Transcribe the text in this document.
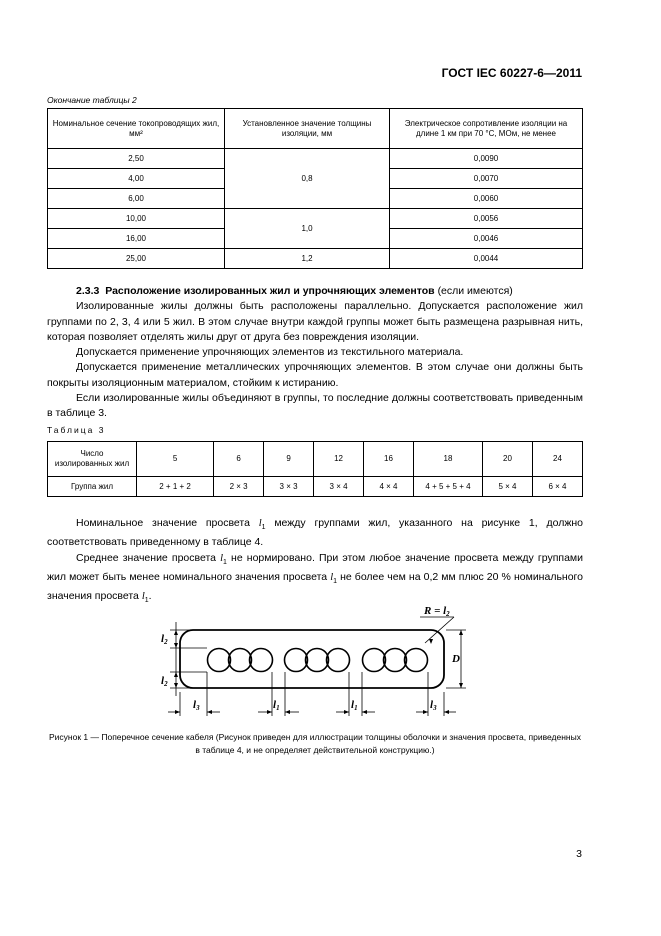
ГОСТ IEC 60227-6—2011
Окончание таблицы 2
Номинальное сечение токопроводящих жил, мм²	Установленное значение толщины изоляции, мм	Электрическое сопротивление изоляции на длине 1 км при 70 °С, МОм, не менее
2,50	0,8	0,0090
4,00		0,0070
6,00		0,0060
10,00	1,0	0,0056
16,00		0,0046
25,00	1,2	0,0044

2.3.3 Расположение изолированных жил и упрочняющих элементов (если имеются)

Изолированные жилы должны быть расположены параллельно. Допускается расположение жил группами по 2, 3, 4 или 5 жил. В этом случае внутри каждой группы может быть размещена разрывная нить, которая позволяет отделять жилы друг от друга без повреждения изоляции.

Допускается применение упрочняющих элементов из текстильного материала.

Допускается применение металлических упрочняющих элементов. В этом случае они должны быть покрыты изоляционным материалом, стойким к истиранию.

Если изолированные жилы объединяют в группы, то последние должны соответствовать приведенным в таблице 3.

Таблица 3
Число изолированных жил	5	6	9	12	16	18	20	24
Группа жил	2 + 1 + 2	2 × 3	3 × 3	3 × 4	4 × 4	4 + 5 + 5 + 4	5 × 4	6 × 4

Номинальное значение просвета $l_1$ между группами жил, указанного на рисунке 1, должно соответствовать приведенному в таблице 4.

Среднее значение просвета $l_1$ не нормировано. При этом любое значение просвета между группами жил может быть менее номинального значения просвета $l_1$ не более чем на 0,2 мм плюс 20 % номинального значения просвета $l_1$.

l2
l2
l3	l1	l1	l3
D
R = l2
Рисунок 1 — Поперечное сечение кабеля (Рисунок приведен для иллюстрации толщины оболочки и значения просвета, приведенных в таблице 4, и не определяет действительной конструкцию.)
3
